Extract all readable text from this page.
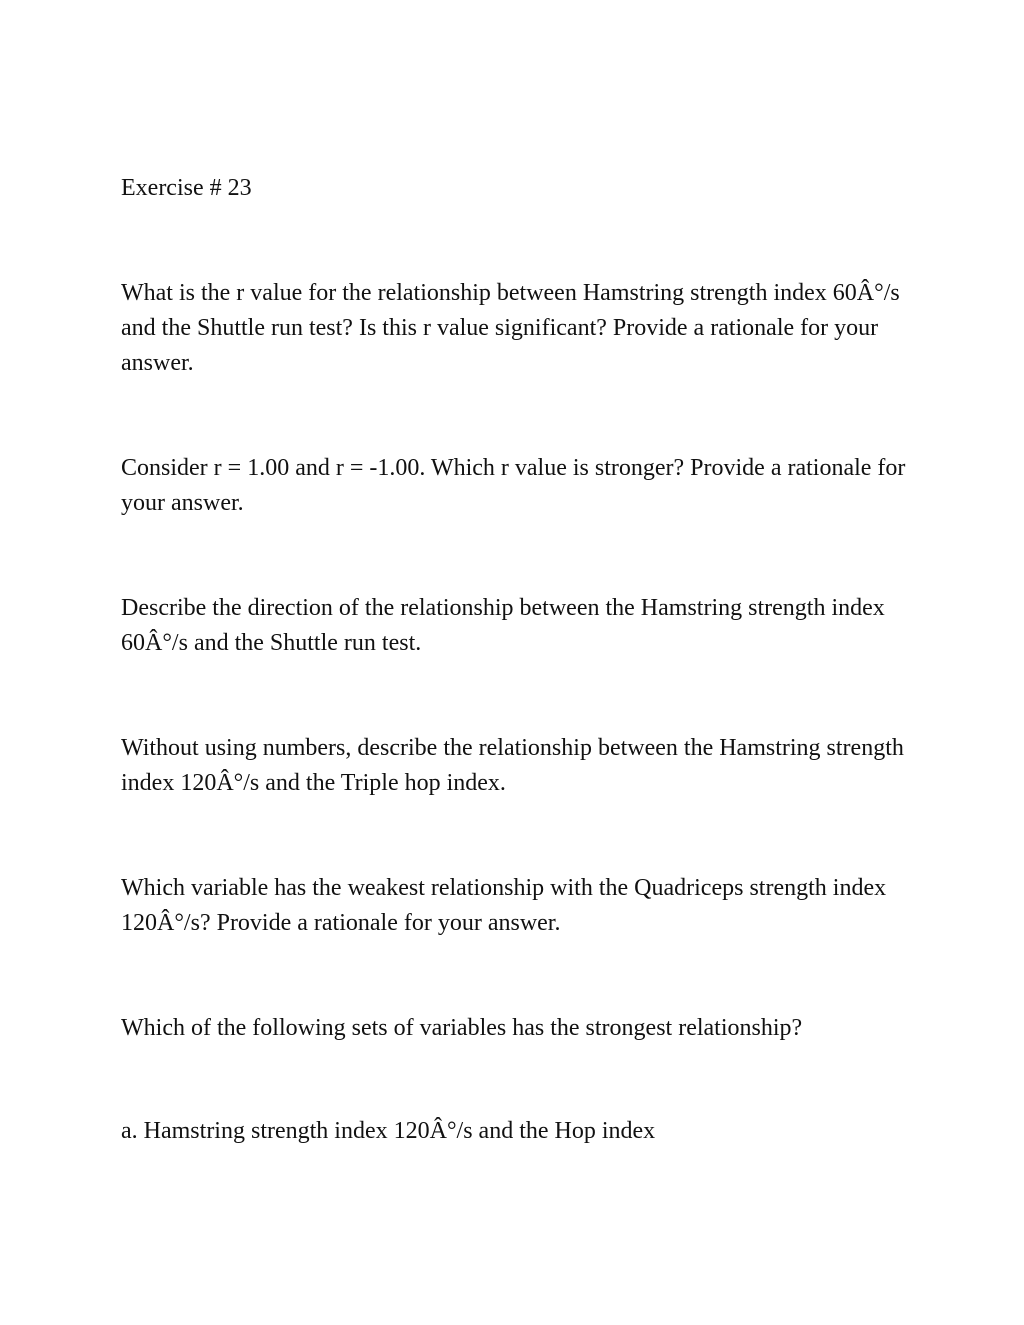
Exercise # 23

What is the r value for the relationship between Hamstring strength index 60Â°/s and the Shuttle run test? Is this r value significant? Provide a rationale for your answer.

Consider r = 1.00 and r = -1.00. Which r value is stronger? Provide a rationale for your answer.

Describe the direction of the relationship between the Hamstring strength index 60Â°/s and the Shuttle run test.

Without using numbers, describe the relationship between the Hamstring strength index 120Â°/s and the Triple hop index.

Which variable has the weakest relationship with the Quadriceps strength index 120Â°/s? Provide a rationale for your answer.

Which of the following sets of variables has the strongest relationship?

a. Hamstring strength index 120Â°/s and the Hop index
